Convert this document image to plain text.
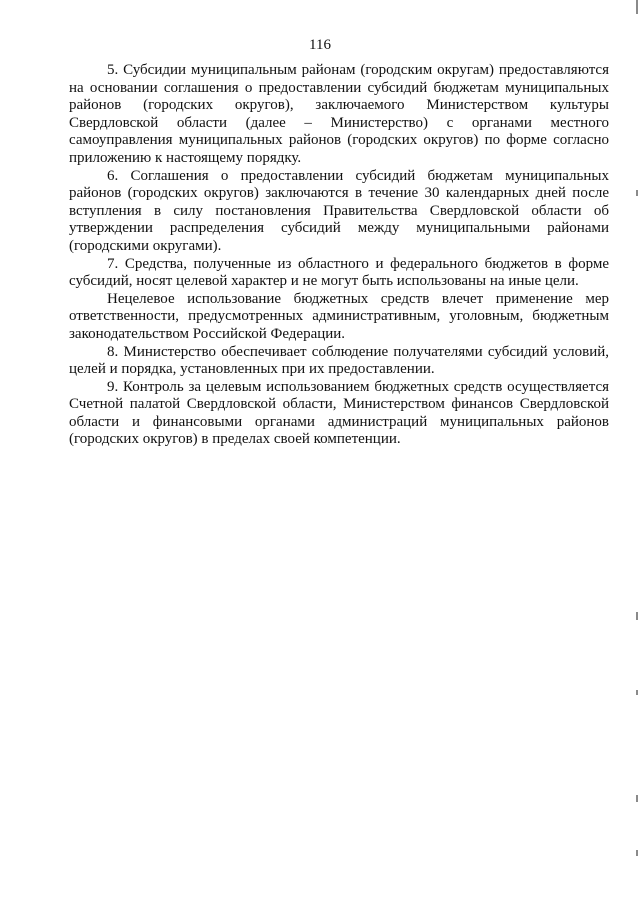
116

5. Субсидии муниципальным районам (городским округам) предоставляются на основании соглашения о предоставлении субсидий бюджетам муниципальных районов (городских округов), заключаемого Министерством культуры Свердловской области (далее – Министерство) с органами местного самоуправления муниципальных районов (городских округов) по форме согласно приложению к настоящему порядку.

6. Соглашения о предоставлении субсидий бюджетам муниципальных районов (городских округов) заключаются в течение 30 календарных дней после вступления в силу постановления Правительства Свердловской области об утверждении распределения субсидий между муниципальными районами (городскими округами).

7. Средства, полученные из областного и федерального бюджетов в форме субсидий, носят целевой характер и не могут быть использованы на иные цели.

Нецелевое использование бюджетных средств влечет применение мер ответственности, предусмотренных административным, уголовным, бюджетным законодательством Российской Федерации.

8. Министерство обеспечивает соблюдение получателями субсидий условий, целей и порядка, установленных при их предоставлении.

9. Контроль за целевым использованием бюджетных средств осуществляется Счетной палатой Свердловской области, Министерством финансов Свердловской области и финансовыми органами администраций муниципальных районов (городских округов) в пределах своей компетенции.
